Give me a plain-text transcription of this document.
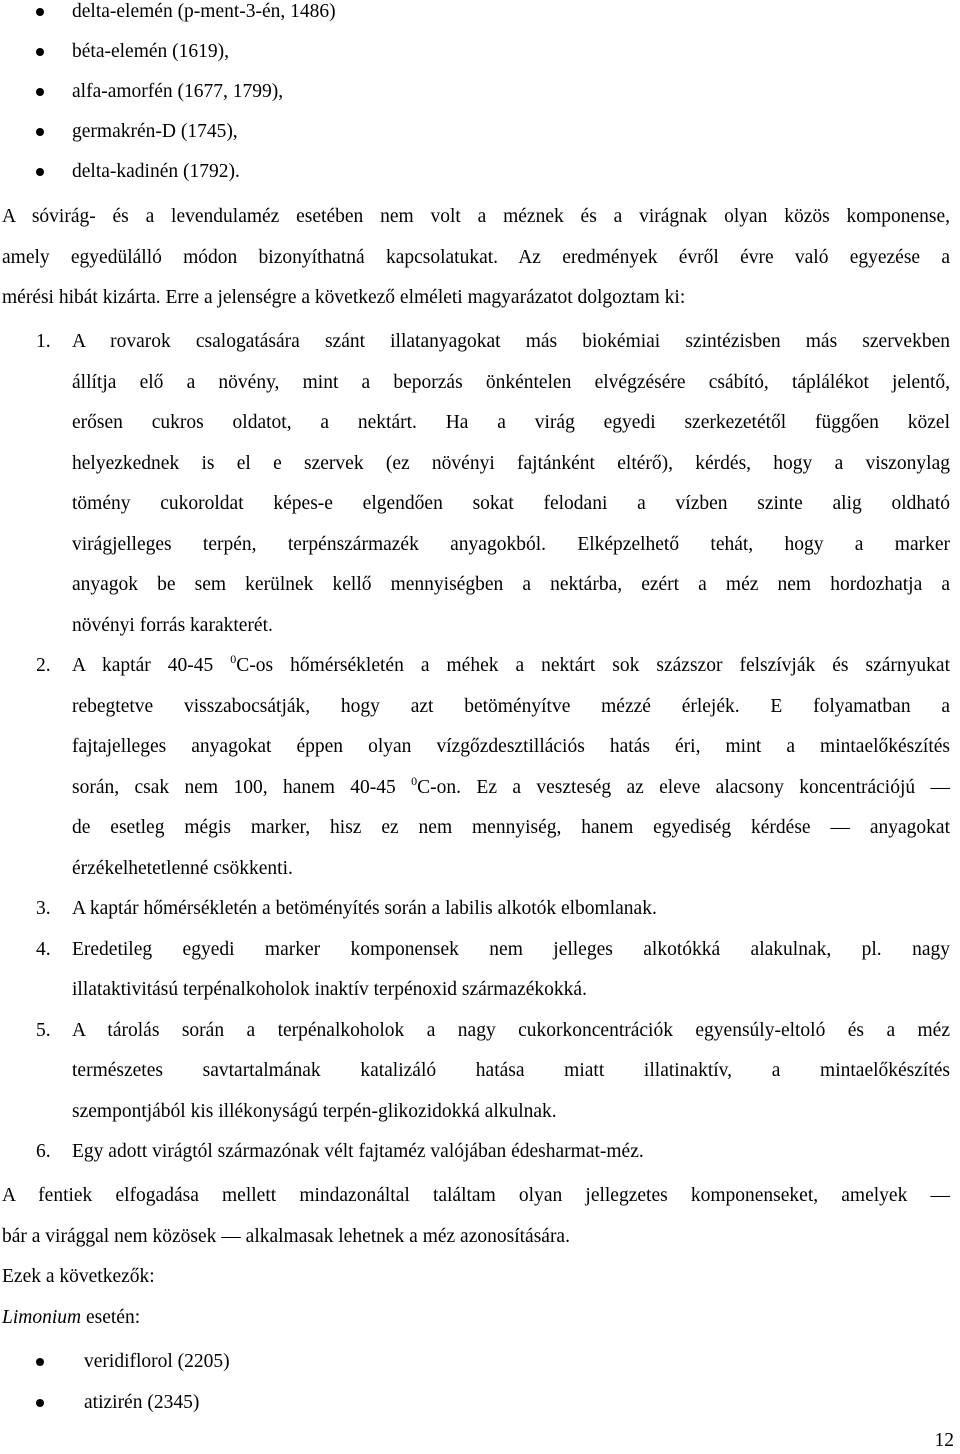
delta-elemén (p-ment-3-én, 1486)
béta-elemén (1619),
alfa-amorfén (1677, 1799),
germakrén-D (1745),
delta-kadinén (1792).
A sóvirág- és a levendulaméz esetében nem volt a méznek és a virágnak olyan közös komponense,
amely egyedülálló módon bizonyíthatná kapcsolatukat. Az eredmények évről évre való egyezése a
mérési hibát kizárta. Erre a jelenségre a következő elméleti magyarázatot dolgoztam ki:
1. A rovarok csalogatására szánt illatanyagokat más biokémiai szintézisben más szervekben
állítja elő a növény, mint a beporzás önkéntelen elvégzésére csábító, táplálékot jelentő,
erősen cukros oldatot, a nektárt. Ha a virág egyedi szerkezetétől függően közel
helyezkednek is el e szervek (ez növényi fajtánként eltérő), kérdés, hogy a viszonylag
tömény cukoroldat képes-e elgendően sokat felodani a vízben szinte alig oldható
virágjelleges terpén, terpénszármazék anyagokból. Elképzelhető tehát, hogy a marker
anyagok be sem kerülnek kellő mennyiségben a nektárba, ezért a méz nem hordozhatja a
növényi forrás karakterét.
2. A kaptár 40-45 $^0$C-os hőmérsékletén a méhek a nektárt sok százszor felszívják és szárnyukat
rebegtetve visszabocsátják, hogy azt betöményítve mézzé érlejék. E folyamatban a
fajtajelleges anyagokat éppen olyan vízgőzdesztillációs hatás éri, mint a mintaelőkészítés
során, csak nem 100, hanem 40-45 $^0$C-on. Ez a veszteség az eleve alacsony koncentrációjú —
de esetleg mégis marker, hisz ez nem mennyiség, hanem egyediség kérdése — anyagokat
érzékelhetetlenné csökkenti.
3. A kaptár hőmérsékletén a betöményítés során a labilis alkotók elbomlanak.
4. Eredetileg egyedi marker komponensek nem jelleges alkotókká alakulnak, pl. nagy
illataktivitású terpénalkoholok inaktív terpénoxid származékokká.
5. A tárolás során a terpénalkoholok a nagy cukorkoncentrációk egyensúly-eltoló és a méz
természetes savtartalmának katalizáló hatása miatt illatinaktív, a mintaelőkészítés
szempontjából kis illékonyságú terpén-glikozidokká alkulnak.
6. Egy adott virágtól származónak vélt fajtaméz valójában édesharmat-méz.
A fentiek elfogadása mellett mindazonáltal találtam olyan jellegzetes komponenseket, amelyek —
bár a virággal nem közösek — alkalmasak lehetnek a méz azonosítására.
Ezek a következők:
Limonium esetén:
veridiflorol (2205)
atizirén (2345)
12
